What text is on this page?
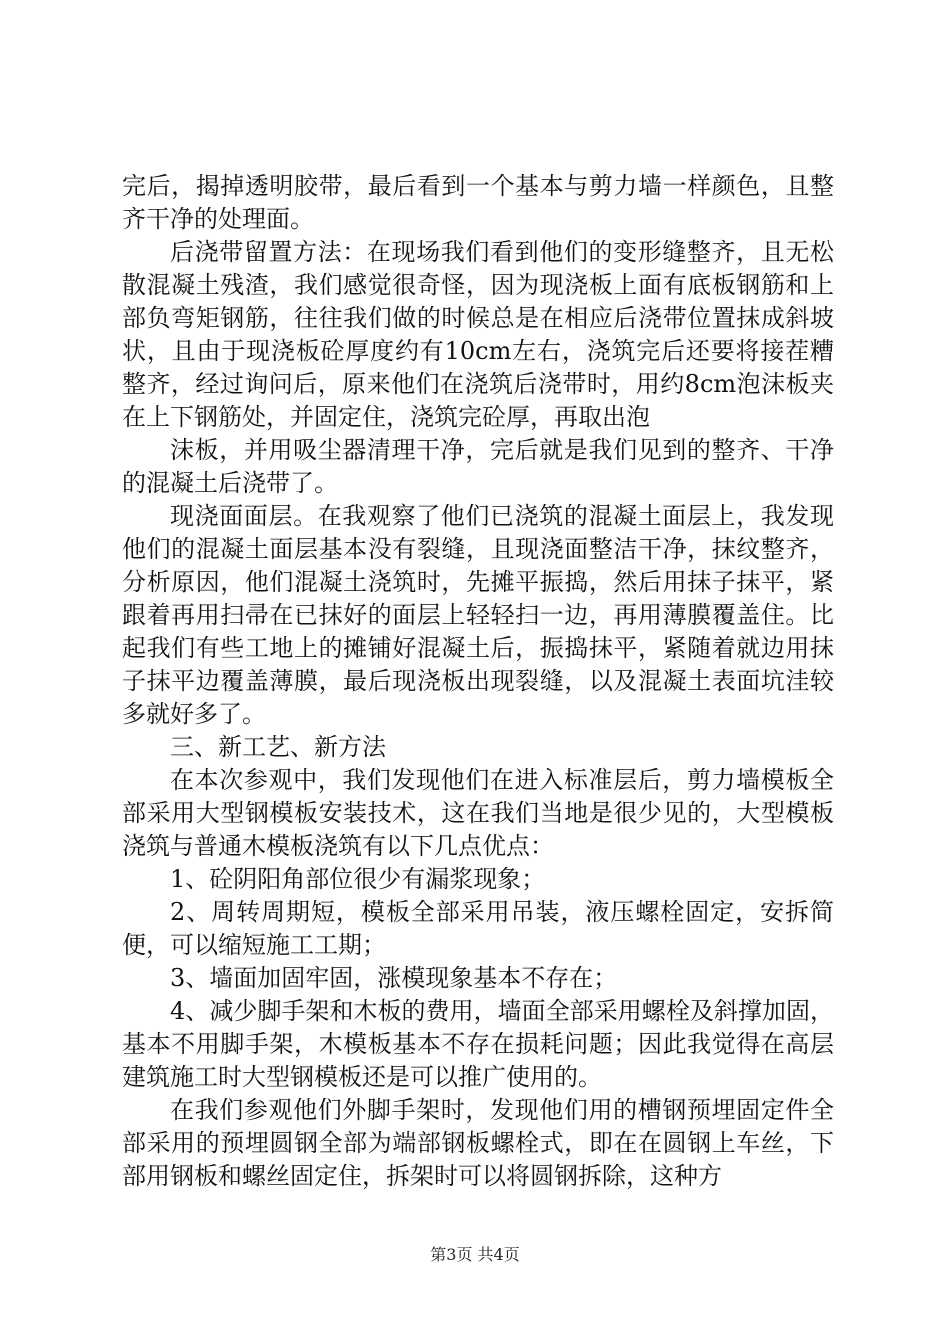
完后，揭掉透明胶带，最后看到一个基本与剪力墙一样颜色，且整齐干净的处理面。

后浇带留置方法：在现场我们看到他们的变形缝整齐，且无松散混凝土残渣，我们感觉很奇怪，因为现浇板上面有底板钢筋和上部负弯矩钢筋，往往我们做的时候总是在相应后浇带位置抹成斜坡状，且由于现浇板砼厚度约有10cm左右，浇筑完后还要将接茬糟整齐，经过询问后，原来他们在浇筑后浇带时，用约8cm泡沫板夹在上下钢筋处，并固定住，浇筑完砼厚，再取出泡

沫板，并用吸尘器清理干净，完后就是我们见到的整齐、干净的混凝土后浇带了。

现浇面面层。在我观察了他们已浇筑的混凝土面层上，我发现他们的混凝土面层基本没有裂缝，且现浇面整洁干净，抹纹整齐，分析原因，他们混凝土浇筑时，先摊平振捣，然后用抹子抹平，紧跟着再用扫帚在已抹好的面层上轻轻扫一边，再用薄膜覆盖住。比起我们有些工地上的摊铺好混凝土后，振捣抹平，紧随着就边用抹子抹平边覆盖薄膜，最后现浇板出现裂缝，以及混凝土表面坑洼较多就好多了。

三、新工艺、新方法

在本次参观中，我们发现他们在进入标准层后，剪力墙模板全部采用大型钢模板安装技术，这在我们当地是很少见的，大型模板浇筑与普通木模板浇筑有以下几点优点：

1、砼阴阳角部位很少有漏浆现象；

2、周转周期短，模板全部采用吊装，液压螺栓固定，安拆简便，可以缩短施工工期；

3、墙面加固牢固，涨模现象基本不存在；

4、减少脚手架和木板的费用，墙面全部采用螺栓及斜撑加固，基本不用脚手架，木模板基本不存在损耗问题；因此我觉得在高层建筑施工时大型钢模板还是可以推广使用的。

在我们参观他们外脚手架时，发现他们用的槽钢预埋固定件全部采用的预埋圆钢全部为端部钢板螺栓式，即在在圆钢上车丝，下部用钢板和螺丝固定住，拆架时可以将圆钢拆除，这种方

第3页 共4页
